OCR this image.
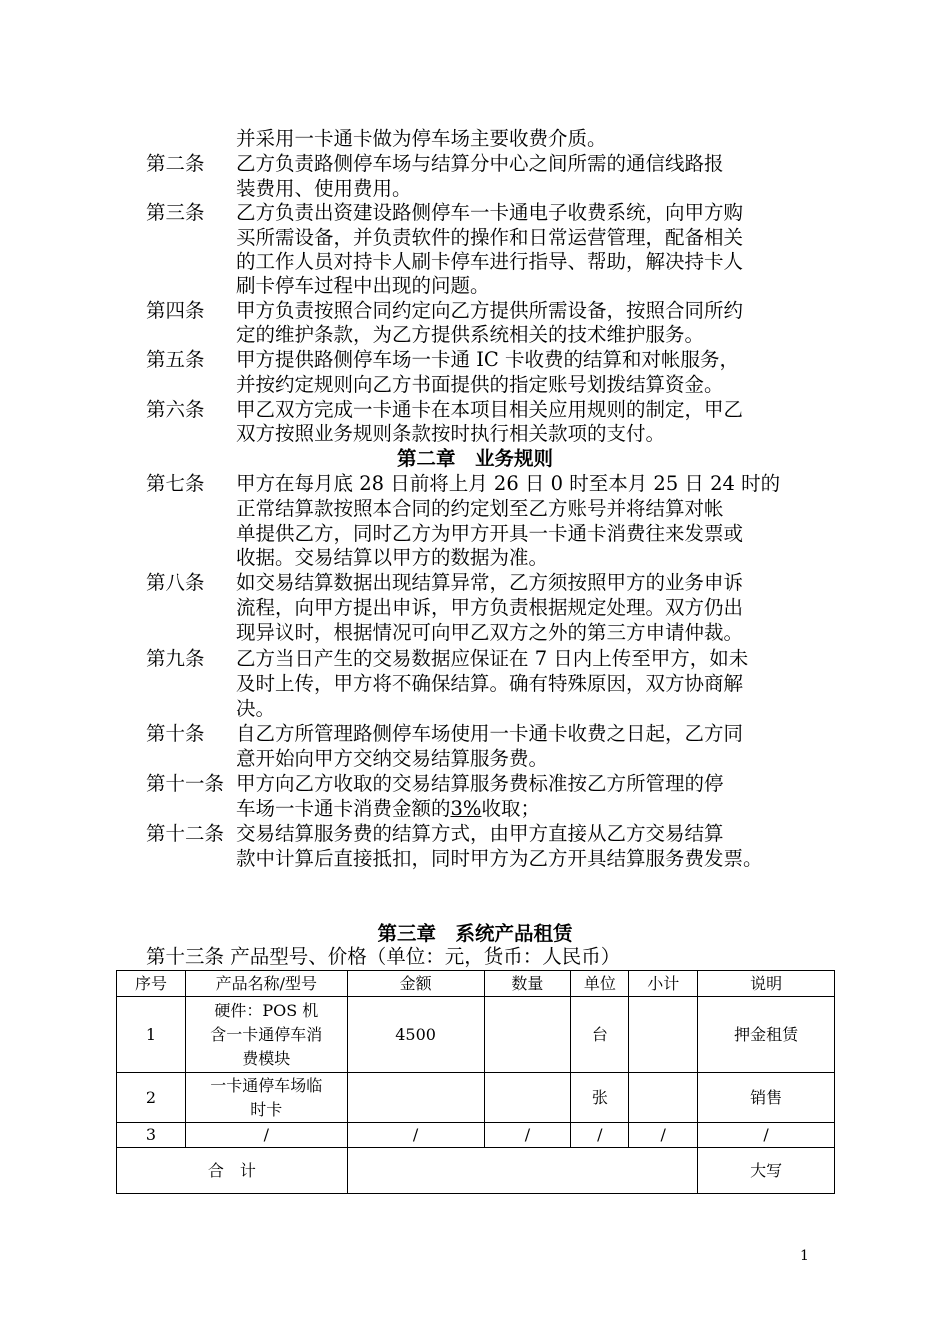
并采用一卡通卡做为停车场主要收费介质。
第二条 乙方负责路侧停车场与结算分中心之间所需的通信线路报
装费用、使用费用。
第三条 乙方负责出资建设路侧停车一卡通电子收费系统，向甲方购
买所需设备，并负责软件的操作和日常运营管理，配备相关
的工作人员对持卡人刷卡停车进行指导、帮助，解决持卡人
刷卡停车过程中出现的问题。
第四条 甲方负责按照合同约定向乙方提供所需设备，按照合同所约
定的维护条款，为乙方提供系统相关的技术维护服务。
第五条 甲方提供路侧停车场一卡通 IC 卡收费的结算和对帐服务，
并按约定规则向乙方书面提供的指定账号划拨结算资金。
第六条 甲乙双方完成一卡通卡在本项目相关应用规则的制定，甲乙
双方按照业务规则条款按时执行相关款项的支付。
第二章　业务规则
第七条 甲方在每月底 28 日前将上月 26 日 0 时至本月 25 日 24 时的
正常结算款按照本合同的约定划至乙方账号并将结算对帐
单提供乙方，同时乙方为甲方开具一卡通卡消费往来发票或
收据。交易结算以甲方的数据为准。
第八条 如交易结算数据出现结算异常，乙方须按照甲方的业务申诉
流程，向甲方提出申诉，甲方负责根据规定处理。双方仍出
现异议时，根据情况可向甲乙双方之外的第三方申请仲裁。
第九条 乙方当日产生的交易数据应保证在 7 日内上传至甲方，如未
及时上传，甲方将不确保结算。确有特殊原因，双方协商解
决。
第十条 自乙方所管理路侧停车场使用一卡通卡收费之日起，乙方同
意开始向甲方交纳交易结算服务费。
第十一条 甲方向乙方收取的交易结算服务费标准按乙方所管理的停
车场一卡通卡消费金额的3%收取；
第十二条 交易结算服务费的结算方式，由甲方直接从乙方交易结算
款中计算后直接抵扣，同时甲方为乙方开具结算服务费发票。
第三章　系统产品租赁
第十三条 产品型号、价格（单位：元，货币：人民币）
序号	产品名称/型号	金额	数量	单位	小计	说明
1	硬件：POS 机
含一卡通停车消
费模块	4500		台		押金租赁
2	一卡通停车场临
时卡			张		销售
3	/	/	/	/	/	/
合　计						大写
1
